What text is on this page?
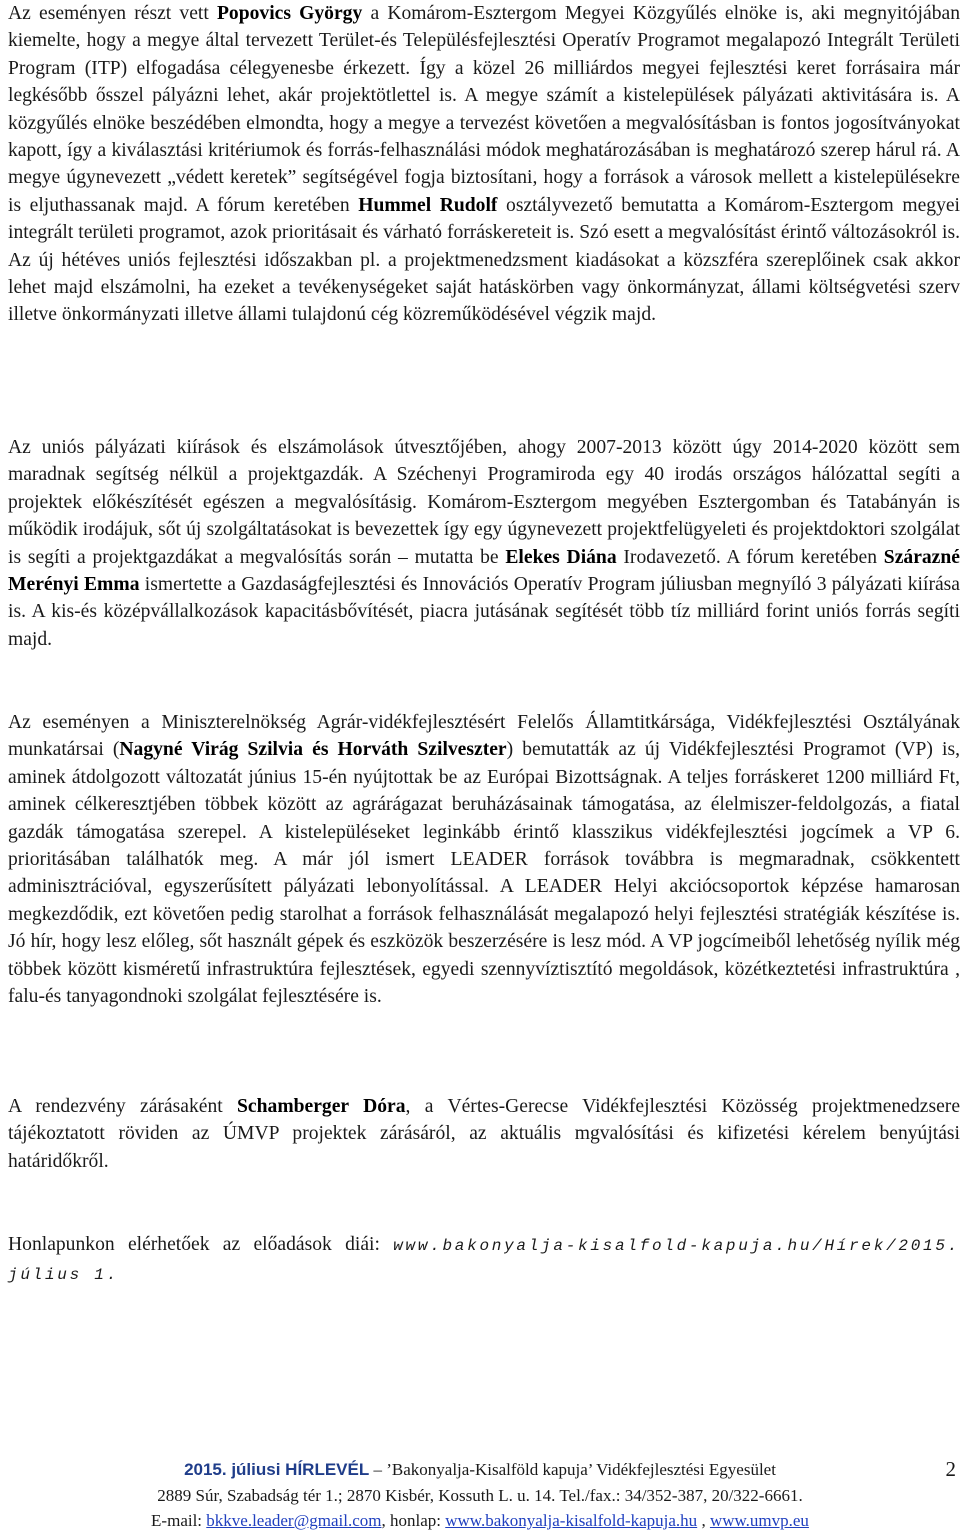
Az eseményen részt vett Popovics György a Komárom-Esztergom Megyei Közgyűlés elnöke is, aki megnyitójában kiemelte, hogy a megye által tervezett Terület-és Településfejlesztési Operatív Programot megalapozó Integrált Területi Program (ITP) elfogadása célegyenesbe érkezett. Így a közel 26 milliárdos megyei fejlesztési keret forrásaira már legkésőbb ősszel pályázni lehet, akár projektötlettel is. A megye számít a kistelepülések pályázati aktivitására is. A közgyűlés elnöke beszédében elmondta, hogy a megye a tervezést követően a megvalósításban is fontos jogosítványokat kapott, így a kiválasztási kritériumok és forrás-felhasználási módok meghatározásában is meghatározó szerep hárul rá. A megye úgynevezett „védett keretek” segítségével fogja biztosítani, hogy a források a városok mellett a kistelepülésekre is eljuthassanak majd. A fórum keretében Hummel Rudolf osztályvezető bemutatta a Komárom-Esztergom megyei integrált területi programot, azok prioritásait és várható forráskereteit is. Szó esett a megvalósítást érintő változásokról is. Az új hétéves uniós fejlesztési időszakban pl. a projektmenedzsment kiadásokat a közszféra szereplőinek csak akkor lehet majd elszámolni, ha ezeket a tevékenységeket saját hatáskörben vagy önkormányzat, állami költségvetési szerv illetve önkormányzati illetve állami tulajdonú cég közreműködésével végzik majd.

Az uniós pályázati kiírások és elszámolások útvesztőjében, ahogy 2007-2013 között úgy 2014-2020 között sem maradnak segítség nélkül a projektgazdák. A Széchenyi Programiroda egy 40 irodás országos hálózattal segíti a projektek előkészítését egészen a megvalósításig. Komárom-Esztergom megyében Esztergomban és Tatabányán is működik irodájuk, sőt új szolgáltatásokat is bevezettek így egy úgynevezett projektfelügyeleti és projektdoktori szolgálat is segíti a projektgazdákat a megvalósítás során – mutatta be Elekes Diána Irodavezető. A fórum keretében Szárazné Merényi Emma ismertette a Gazdaságfejlesztési és Innovációs Operatív Program júliusban megnyíló 3 pályázati kiírása is. A kis-és középvállalkozások kapacitásbővítését, piacra jutásának segítését több tíz milliárd forint uniós forrás segíti majd.

Az eseményen a Miniszterelnökség Agrár-vidékfejlesztésért Felelős Államtitkársága, Vidékfejlesztési Osztályának munkatársai (Nagyné Virág Szilvia és Horváth Szilveszter) bemutatták az új Vidékfejlesztési Programot (VP) is, aminek átdolgozott változatát június 15-én nyújtottak be az Európai Bizottságnak. A teljes forráskeret 1200 milliárd Ft, aminek célkeresztjében többek között az agrárágazat beruházásainak támogatása, az élelmiszer-feldolgozás, a fiatal gazdák támogatása szerepel. A kistelepüléseket leginkább érintő klasszikus vidékfejlesztési jogcímek a VP 6. prioritásában találhatók meg. A már jól ismert LEADER források továbbra is megmaradnak, csökkentett adminisztrációval, egyszerűsített pályázati lebonyolítással. A LEADER Helyi akciócsoportok képzése hamarosan megkezdődik, ezt követően pedig starolhat a források felhasználását megalapozó helyi fejlesztési stratégiák készítése is. Jó hír, hogy lesz előleg, sőt használt gépek és eszközök beszerzésére is lesz mód. A VP jogcímeiből lehetőség nyílik még többek között kisméretű infrastruktúra fejlesztések, egyedi szennyvíztisztító megoldások, közétkeztetési infrastruktúra , falu-és tanyagondnoki szolgálat fejlesztésére is.

A rendezvény zárásaként Schamberger Dóra, a Vértes-Gerecse Vidékfejlesztési Közösség projektmenedzsere tájékoztatott röviden az ÚMVP projektek zárásáról, az aktuális mgvalósítási és kifizetési kérelem benyújtási határidőkről.

Honlapunkon elérhetőek az előadások diái: www.bakonyalja-kisalfold-kapuja.hu/Hírek/2015. július 1.

2015. júliusi HÍRLEVÉL – ’Bakonyalja-Kisalföld kapuja’ Vidékfejlesztési Egyesület	2
2889 Súr, Szabadság tér 1.; 2870 Kisbér, Kossuth L. u. 14. Tel./fax.: 34/352-387, 20/322-6661.
E-mail: bkkve.leader@gmail.com, honlap: www.bakonyalja-kisalfold-kapuja.hu , www.umvp.eu
